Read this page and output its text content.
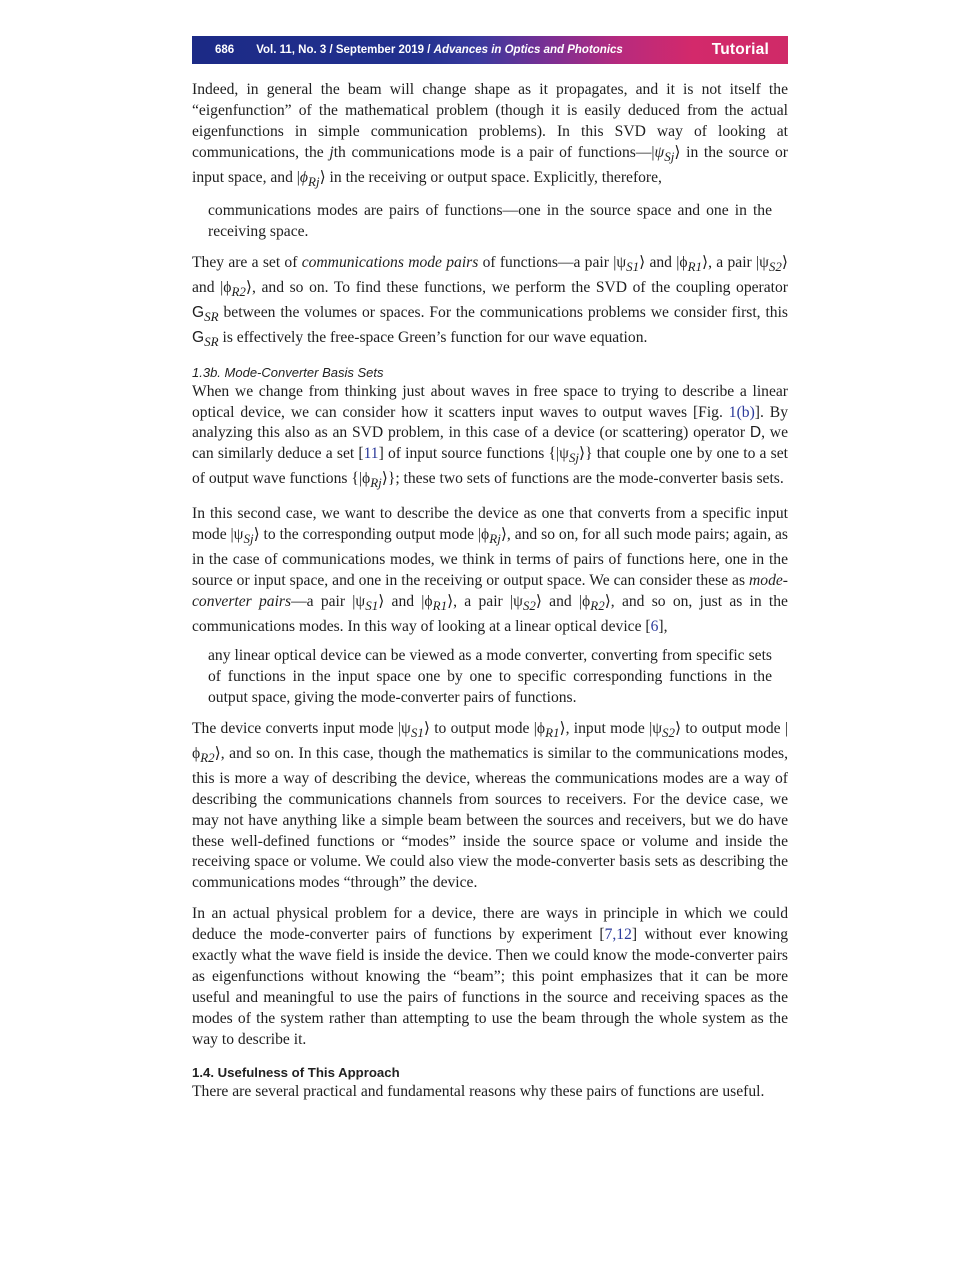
686 Vol. 11, No. 3 / September 2019 / Advances in Optics and Photonics	Tutorial

Indeed, in general the beam will change shape as it propagates, and it is not itself the “eigenfunction” of the mathematical problem (though it is easily deduced from the actual eigenfunctions in simple communication problems). In this SVD way of looking at communications, the jth communications mode is a pair of $functions—|\psi_{Sj}⟩$ in the source or input space, and $|\phi_{Rj}⟩$ in the receiving or output space. Explicitly, therefore,

communications modes are pairs of functions—one in the source space and one in the receiving space.

They are a set of communications mode pairs of functions—a pair $|\psi_{S1}⟩$ and $|\phi_{R1}⟩$, a pair $|\psi_{S2}⟩$ and $|\phi_{R2}⟩$, and so on. To find these functions, we perform the SVD of the coupling operator $G_{SR}$ between the volumes or spaces. For the communications problems we consider first, this $G_{SR}$ is effectively the free-space Green’s function for our wave equation.

1.3b. Mode-Converter Basis Sets

When we change from thinking just about waves in free space to trying to describe a linear optical device, we can consider how it scatters input waves to output waves [Fig. 1(b)]. By analyzing this also as an SVD problem, in this case of a device (or scattering) operator D, we can similarly deduce a set [11] of input source functions $\{|\psi_{Sj}⟩\}$ that couple one by one to a set of output wave functions $\{|\phi_{Rj}⟩\}$; these two sets of functions are the mode-converter basis sets.

In this second case, we want to describe the device as one that converts from a specific input mode $|\psi_{Sj}⟩$ to the corresponding output mode $|\phi_{Rj}⟩$, and so on, for all such mode pairs; again, as in the case of communications modes, we think in terms of pairs of functions here, one in the source or input space, and one in the receiving or output space. We can consider these as mode-converter pairs—a pair $|\psi_{S1}⟩$ and $|\phi_{R1}⟩$, a pair $|\psi_{S2}⟩$ and $|\phi_{R2}⟩$, and so on, just as in the communications modes. In this way of looking at a linear optical device [6],

any linear optical device can be viewed as a mode converter, converting from specific sets of functions in the input space one by one to specific corresponding functions in the output space, giving the mode-converter pairs of functions.

The device converts input mode $|\psi_{S1}⟩$ to output mode $|\phi_{R1}⟩$, input mode $|\psi_{S2}⟩$ to output mode $|\phi_{R2}⟩$, and so on. In this case, though the mathematics is similar to the communications modes, this is more a way of describing the device, whereas the communications modes are a way of describing the communications channels from sources to receivers. For the device case, we may not have anything like a simple beam between the sources and receivers, but we do have these well-defined functions or “modes” inside the source space or volume and inside the receiving space or volume. We could also view the mode-converter basis sets as describing the communications modes “through” the device.

In an actual physical problem for a device, there are ways in principle in which we could deduce the mode-converter pairs of functions by experiment [7,12] without ever knowing exactly what the wave field is inside the device. Then we could know the mode-converter pairs as eigenfunctions without knowing the “beam”; this point emphasizes that it can be more useful and meaningful to use the pairs of functions in the source and receiving spaces as the modes of the system rather than attempting to use the beam through the whole system as the way to describe it.

1.4. Usefulness of This Approach

There are several practical and fundamental reasons why these pairs of functions are useful.
